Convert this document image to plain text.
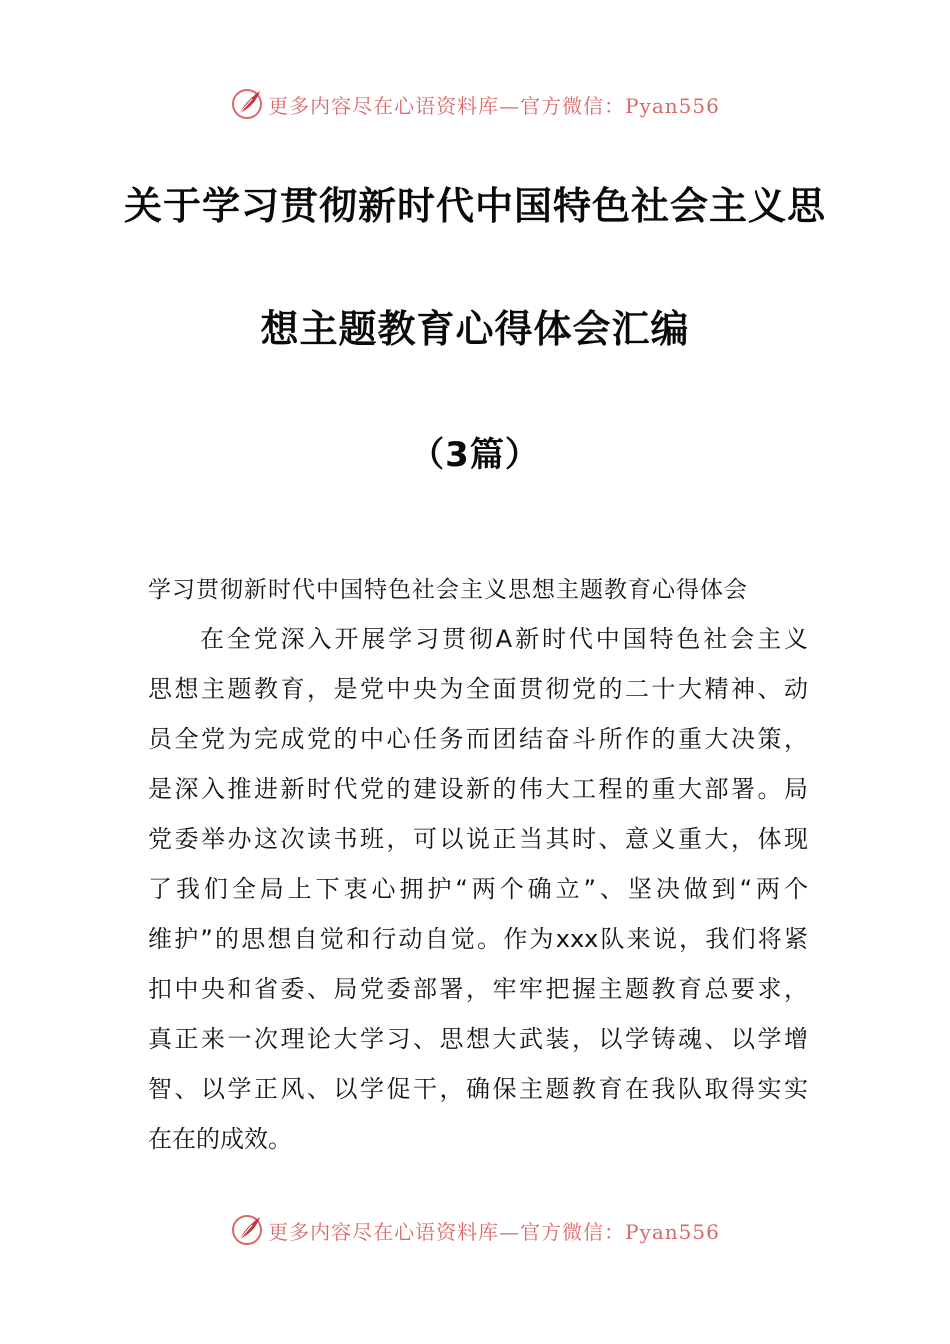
更多内容尽在心语资料库—官方微信：Pyan556
关于学习贯彻新时代中国特色社会主义思
想主题教育心得体会汇编
（3篇）
学习贯彻新时代中国特色社会主义思想主题教育心得体会
在全党深入开展学习贯彻A新时代中国特色社会主义
思想主题教育，是党中央为全面贯彻党的二十大精神、动
员全党为完成党的中心任务而团结奋斗所作的重大决策，
是深入推进新时代党的建设新的伟大工程的重大部署。局
党委举办这次读书班，可以说正当其时、意义重大，体现
了我们全局上下衷心拥护“两个确立”、坚决做到“两个
维护”的思想自觉和行动自觉。作为xxx队来说，我们将紧
扣中央和省委、局党委部署，牢牢把握主题教育总要求，
真正来一次理论大学习、思想大武装，以学铸魂、以学增
智、以学正风、以学促干，确保主题教育在我队取得实实
在在的成效。
更多内容尽在心语资料库—官方微信：Pyan556
